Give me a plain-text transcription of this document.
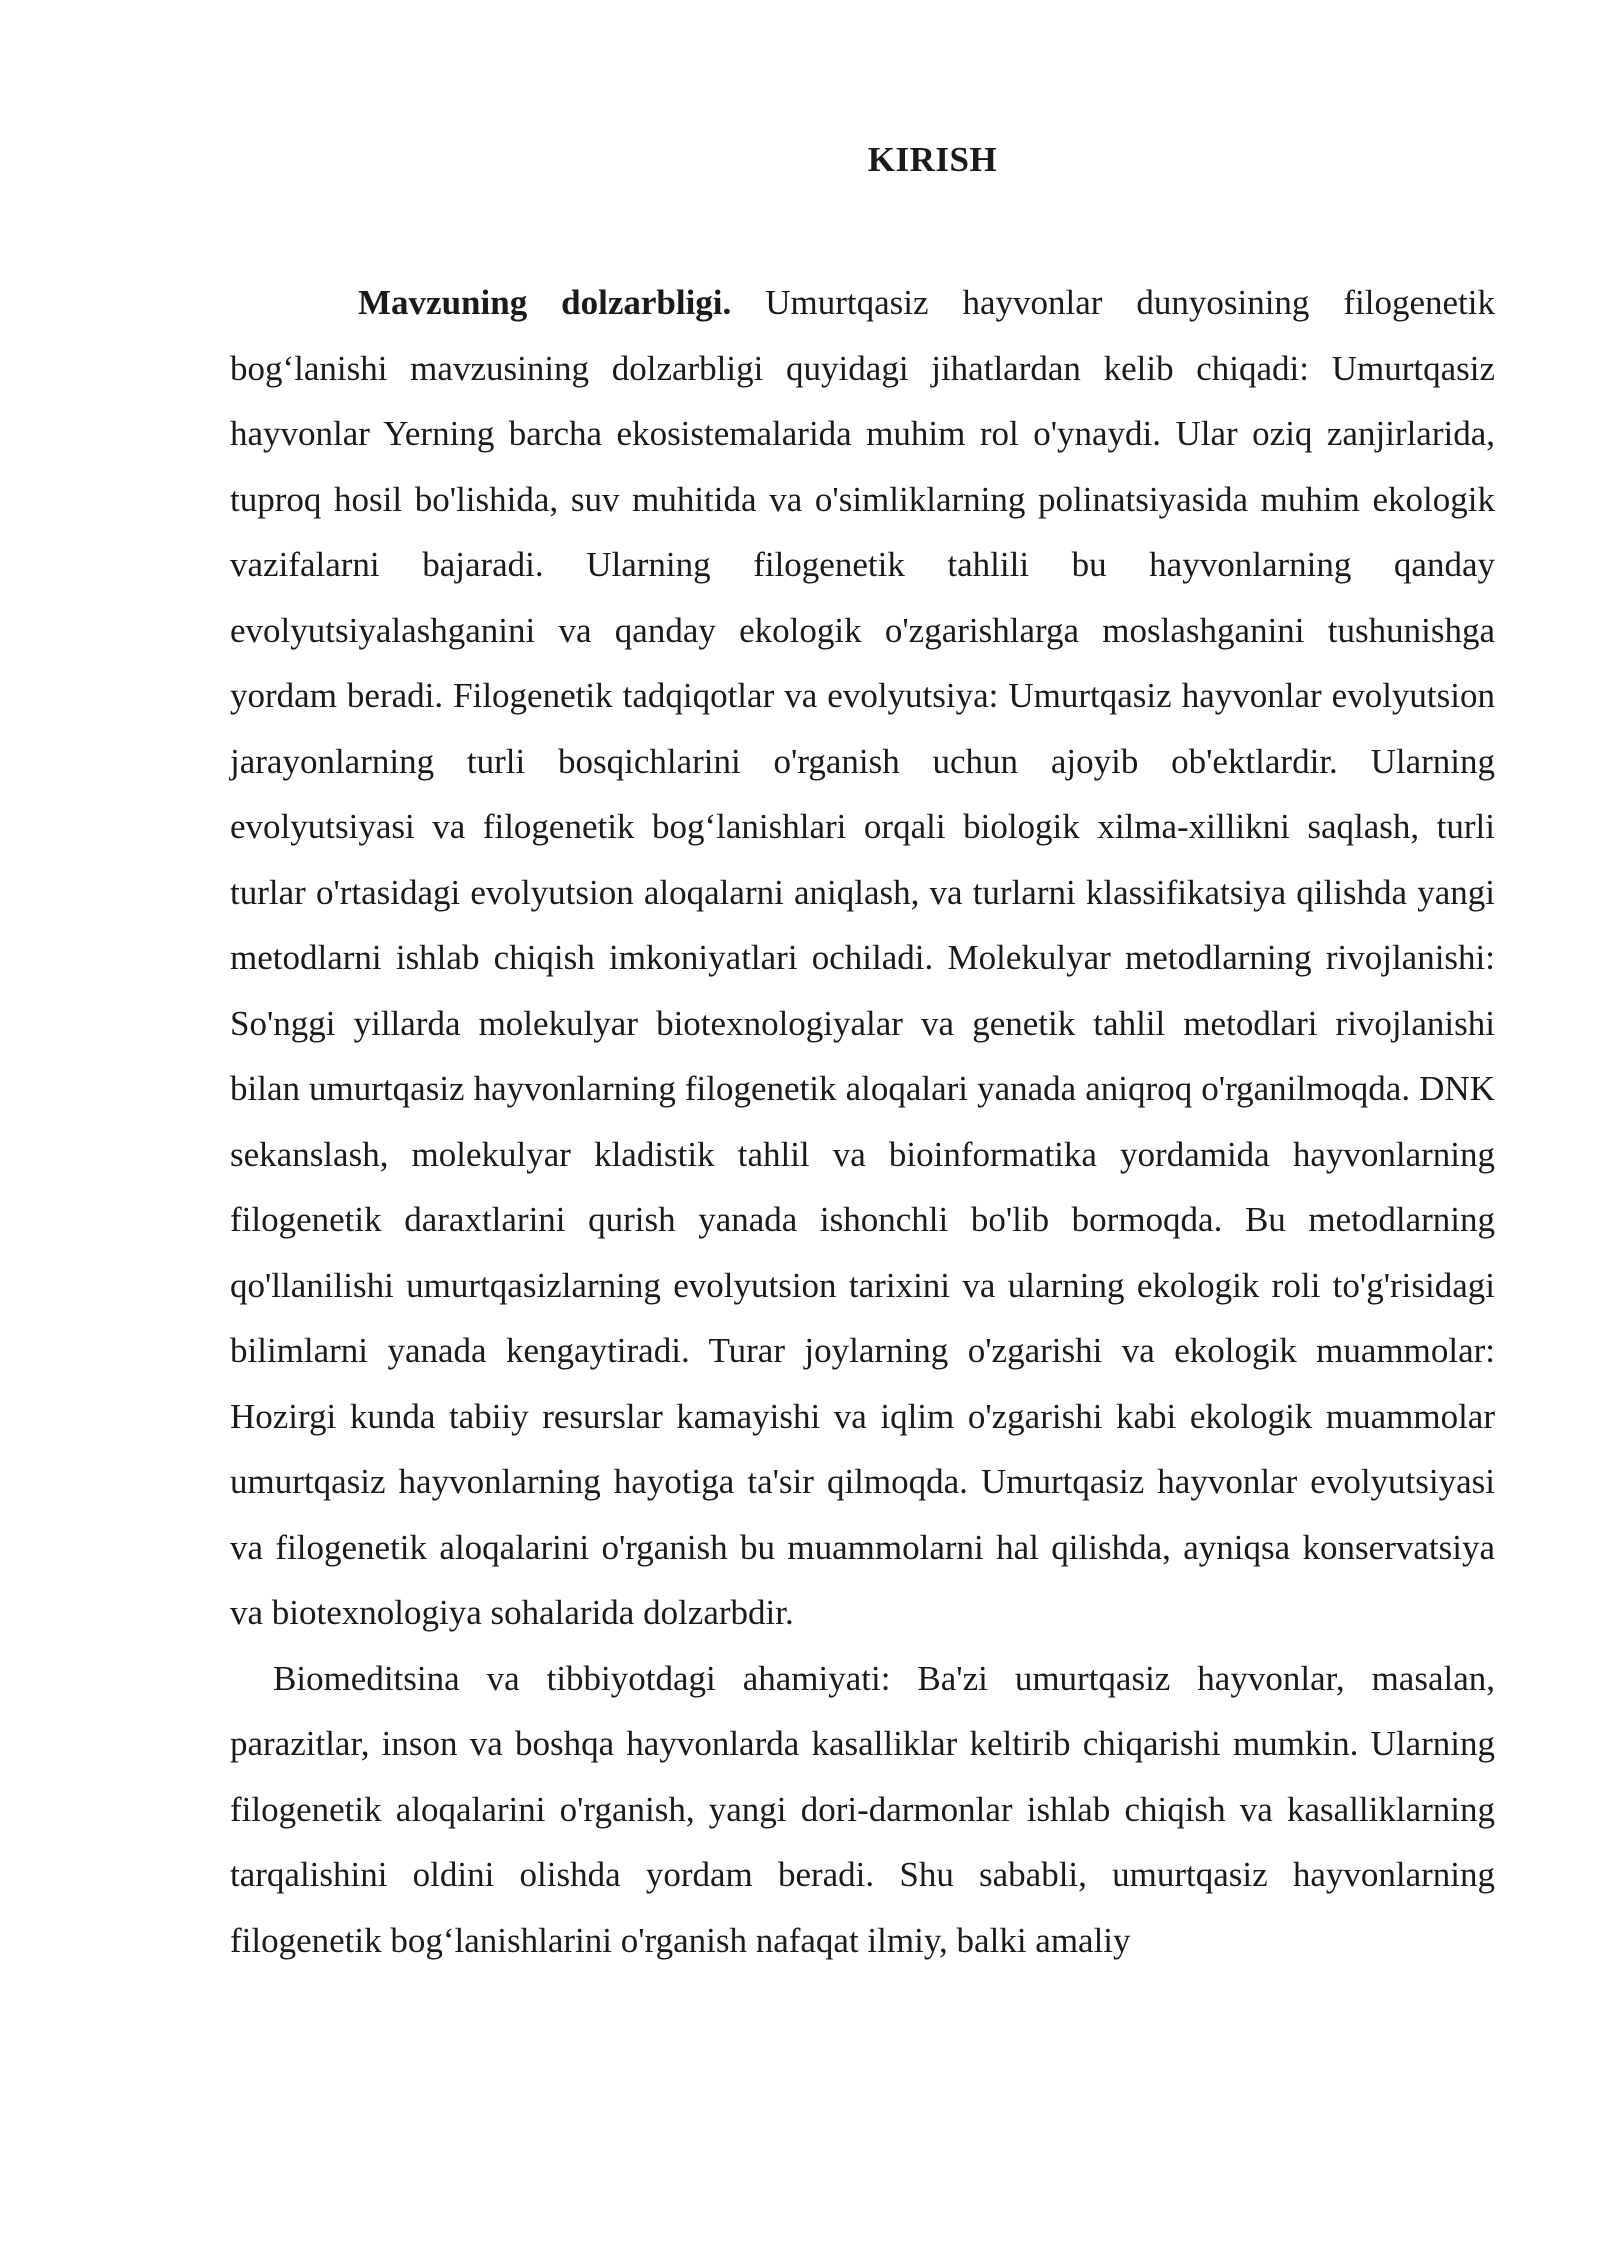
KIRISH

Mavzuning dolzarbligi. Umurtqasiz hayvonlar dunyosining filogenetik bog‘lanishi mavzusining dolzarbligi quyidagi jihatlardan kelib chiqadi: Umurtqasiz hayvonlar Yerning barcha ekosistemalarida muhim rol o'ynaydi. Ular oziq zanjirlarida, tuproq hosil bo'lishida, suv muhitida va o'simliklarning polinatsiyasida muhim ekologik vazifalarni bajaradi. Ularning filogenetik tahlili bu hayvonlarning qanday evolyutsiyalashganini va qanday ekologik o'zgarishlarga moslashganini tushunishga yordam beradi. Filogenetik tadqiqotlar va evolyutsiya: Umurtqasiz hayvonlar evolyutsion jarayonlarning turli bosqichlarini o'rganish uchun ajoyib ob'ektlardir. Ularning evolyutsiyasi va filogenetik bog‘lanishlari orqali biologik xilma-xillikni saqlash, turli turlar o'rtasidagi evolyutsion aloqalarni aniqlash, va turlarni klassifikatsiya qilishda yangi metodlarni ishlab chiqish imkoniyatlari ochiladi. Molekulyar metodlarning rivojlanishi: So'nggi yillarda molekulyar biotexnologiyalar va genetik tahlil metodlari rivojlanishi bilan umurtqasiz hayvonlarning filogenetik aloqalari yanada aniqroq o'rganilmoqda. DNK sekanslash, molekulyar kladistik tahlil va bioinformatika yordamida hayvonlarning filogenetik daraxtlarini qurish yanada ishonchli bo'lib bormoqda. Bu metodlarning qo'llanilishi umurtqasizlarning evolyutsion tarixini va ularning ekologik roli to'g'risidagi bilimlarni yanada kengaytiradi. Turar joylarning o'zgarishi va ekologik muammolar: Hozirgi kunda tabiiy resurslar kamayishi va iqlim o'zgarishi kabi ekologik muammolar umurtqasiz hayvonlarning hayotiga ta'sir qilmoqda. Umurtqasiz hayvonlar evolyutsiyasi va filogenetik aloqalarini o'rganish bu muammolarni hal qilishda, ayniqsa konservatsiya va biotexnologiya sohalarida dolzarbdir.

Biomeditsina va tibbiyotdagi ahamiyati: Ba'zi umurtqasiz hayvonlar, masalan, parazitlar, inson va boshqa hayvonlarda kasalliklar keltirib chiqarishi mumkin. Ularning filogenetik aloqalarini o'rganish, yangi dori-darmonlar ishlab chiqish va kasalliklarning tarqalishini oldini olishda yordam beradi. Shu sababli, umurtqasiz hayvonlarning filogenetik bog‘lanishlarini o'rganish nafaqat ilmiy, balki amaliy
